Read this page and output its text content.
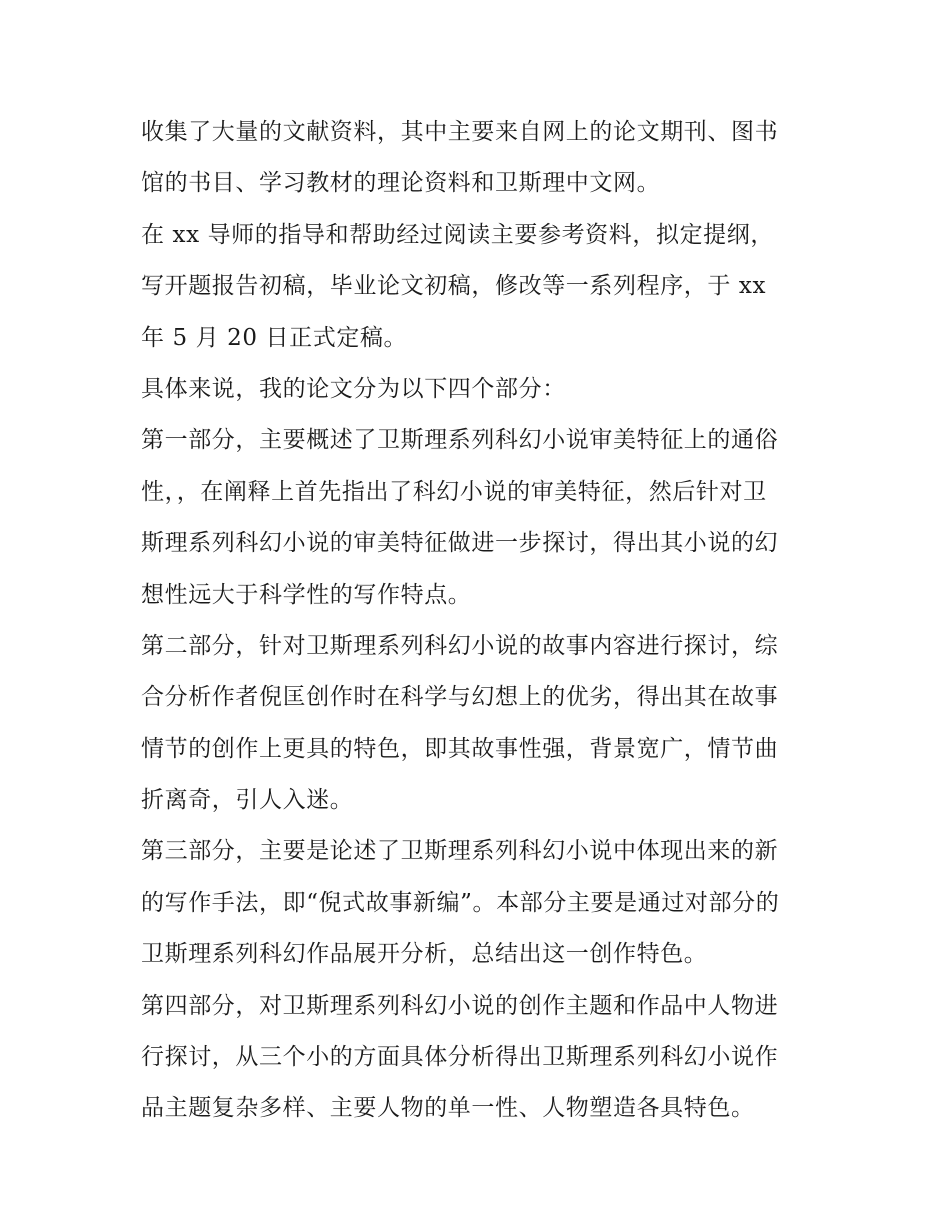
收集了大量的文献资料，其中主要来自网上的论文期刊、图书
馆的书目、学习教材的理论资料和卫斯理中文网。
在 xx 导师的指导和帮助经过阅读主要参考资料，拟定提纲，
写开题报告初稿，毕业论文初稿，修改等一系列程序，于 xx
年 5 月 20 日正式定稿。
具体来说，我的论文分为以下四个部分：
第一部分，主要概述了卫斯理系列科幻小说审美特征上的通俗
性，，在阐释上首先指出了科幻小说的审美特征，然后针对卫
斯理系列科幻小说的审美特征做进一步探讨，得出其小说的幻
想性远大于科学性的写作特点。
第二部分，针对卫斯理系列科幻小说的故事内容进行探讨，综
合分析作者倪匡创作时在科学与幻想上的优劣，得出其在故事
情节的创作上更具的特色，即其故事性强，背景宽广，情节曲
折离奇，引人入迷。
第三部分，主要是论述了卫斯理系列科幻小说中体现出来的新
的写作手法，即“倪式故事新编”。本部分主要是通过对部分的
卫斯理系列科幻作品展开分析，总结出这一创作特色。
第四部分，对卫斯理系列科幻小说的创作主题和作品中人物进
行探讨，从三个小的方面具体分析得出卫斯理系列科幻小说作
品主题复杂多样、主要人物的单一性、人物塑造各具特色。
